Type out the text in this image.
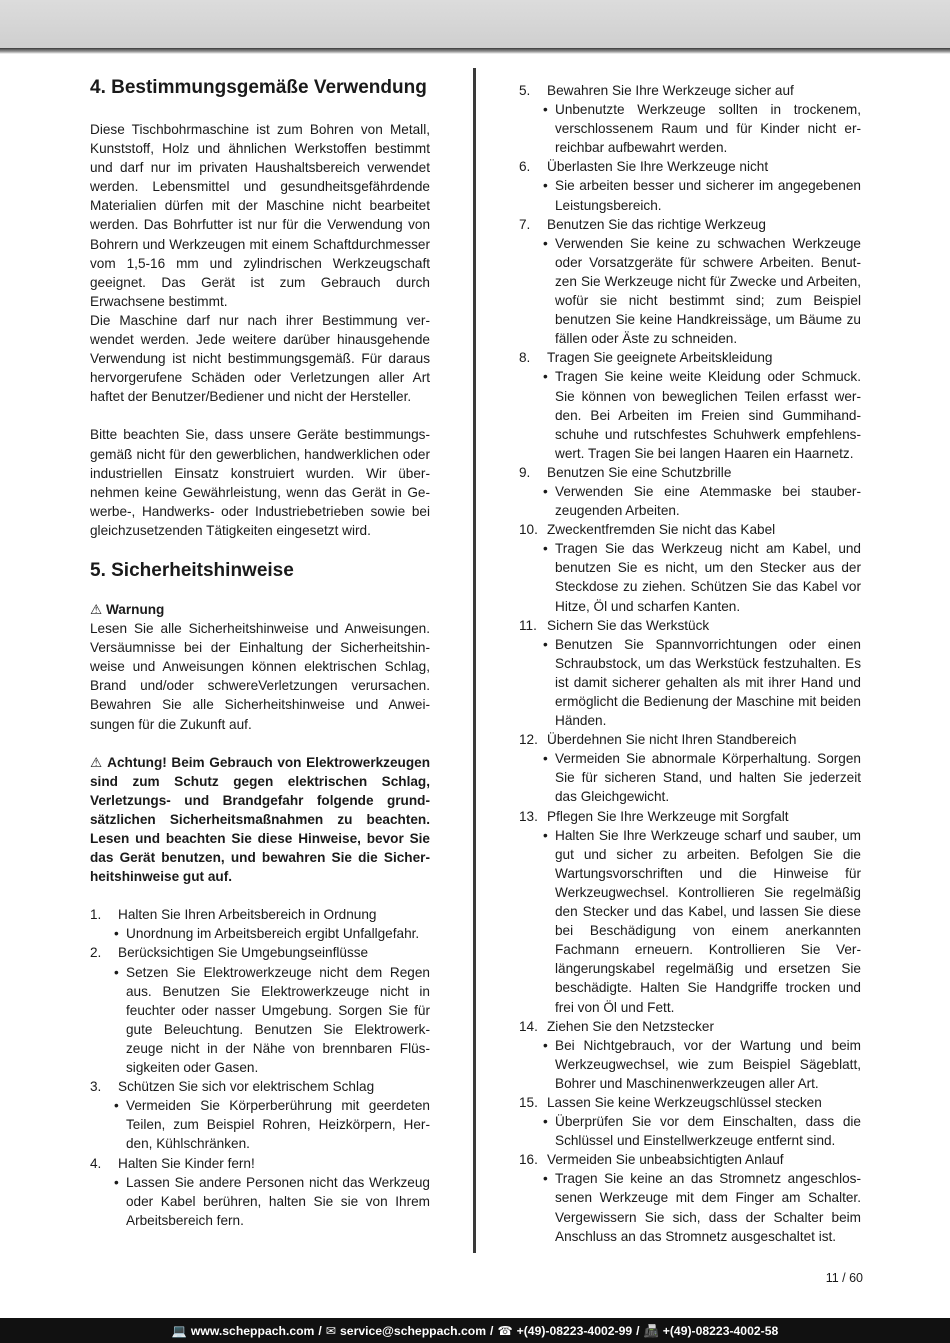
4. Bestimmungsgemäße Verwendung

Diese Tischbohrmaschine ist zum Bohren von Metall, Kunststoff, Holz und ähnlichen Werkstoffen bestimmt und darf nur im privaten Haushaltsbereich verwendet werden. Lebensmittel und gesundheitsgefährdende Materialien dürfen mit der Maschine nicht bearbeitet werden. Das Bohrfutter ist nur für die Verwendung von Bohrern und Werkzeugen mit einem Schaftdurchmesser vom 1,5-16 mm und zylindrischen Werkzeugschaft geeignet. Das Gerät ist zum Gebrauch durch Erwachsene bestimmt.

Die Maschine darf nur nach ihrer Bestimmung verwendet werden. Jede weitere darüber hinausgehende Verwendung ist nicht bestimmungsgemäß. Für daraus hervorgerufene Schäden oder Verletzungen aller Art haftet der Benutzer/Bediener und nicht der Hersteller.

Bitte beachten Sie, dass unsere Geräte bestimmungsgemäß nicht für den gewerblichen, handwerklichen oder industriellen Einsatz konstruiert wurden. Wir übernehmen keine Gewährleistung, wenn das Gerät in Gewerbe-, Handwerks- oder Industriebetrieben sowie bei gleichzusetzenden Tätigkeiten eingesetzt wird.

5. Sicherheitshinweise
⚠ Warnung

Lesen Sie alle Sicherheitshinweise und Anweisungen. Versäumnisse bei der Einhaltung der Sicherheitshinweise und Anweisungen können elektrischen Schlag, Brand und/oder schwereVerletzungen verursachen. Bewahren Sie alle Sicherheitshinweise und Anweisungen für die Zukunft auf.

⚠ Achtung! Beim Gebrauch von Elektrowerkzeugen sind zum Schutz gegen elektrischen Schlag, Verletzungs- und Brandgefahr folgende grundsätzlichen Sicherheitsmaßnahmen zu beachten. Lesen und beachten Sie diese Hinweise, bevor Sie das Gerät benutzen, und bewahren Sie die Sicherheitshinweise gut auf.

1.	Halten Sie Ihren Arbeitsbereich in Ordnung
• Unordnung im Arbeitsbereich ergibt Unfallgefahr.
2.	Berücksichtigen Sie Umgebungseinflüsse
• Setzen Sie Elektrowerkzeuge nicht dem Regen aus. Benutzen Sie Elektrowerkzeuge nicht in feuchter oder nasser Umgebung. Sorgen Sie für gute Beleuchtung. Benutzen Sie Elektrowerkzeuge nicht in der Nähe von brennbaren Flüssigkeiten oder Gasen.
3.	Schützen Sie sich vor elektrischem Schlag
• Vermeiden Sie Körperberührung mit geerdeten Teilen, zum Beispiel Rohren, Heizkörpern, Herden, Kühlschränken.
4.	Halten Sie Kinder fern!
• Lassen Sie andere Personen nicht das Werkzeug oder Kabel berühren, halten Sie sie von Ihrem Arbeitsbereich fern.
5.	Bewahren Sie Ihre Werkzeuge sicher auf
• Unbenutzte Werkzeuge sollten in trockenem, verschlossenem Raum und für Kinder nicht erreichbar aufbewahrt werden.
6.	Überlasten Sie Ihre Werkzeuge nicht
• Sie arbeiten besser und sicherer im angegebenen Leistungsbereich.
7.	Benutzen Sie das richtige Werkzeug
• Verwenden Sie keine zu schwachen Werkzeuge oder Vorsatzgeräte für schwere Arbeiten. Benutzen Sie Werkzeuge nicht für Zwecke und Arbeiten, wofür sie nicht bestimmt sind; zum Beispiel benutzen Sie keine Handkreissäge, um Bäume zu fällen oder Äste zu schneiden.
8.	Tragen Sie geeignete Arbeitskleidung
• Tragen Sie keine weite Kleidung oder Schmuck. Sie können von beweglichen Teilen erfasst werden. Bei Arbeiten im Freien sind Gummihandschuhe und rutschfestes Schuhwerk empfehlenswert. Tragen Sie bei langen Haaren ein Haarnetz.
9.	Benutzen Sie eine Schutzbrille
• Verwenden Sie eine Atemmaske bei stauberzeugenden Arbeiten.
10. Zweckentfremden Sie nicht das Kabel
• Tragen Sie das Werkzeug nicht am Kabel, und benutzen Sie es nicht, um den Stecker aus der Steckdose zu ziehen. Schützen Sie das Kabel vor Hitze, Öl und scharfen Kanten.
11. Sichern Sie das Werkstück
• Benutzen Sie Spannvorrichtungen oder einen Schraubstock, um das Werkstück festzuhalten. Es ist damit sicherer gehalten als mit ihrer Hand und ermöglicht die Bedienung der Maschine mit beiden Händen.
12. Überdehnen Sie nicht Ihren Standbereich
• Vermeiden Sie abnormale Körperhaltung. Sorgen Sie für sicheren Stand, und halten Sie jederzeit das Gleichgewicht.
13. Pflegen Sie Ihre Werkzeuge mit Sorgfalt
• Halten Sie Ihre Werkzeuge scharf und sauber, um gut und sicher zu arbeiten. Befolgen Sie die Wartungsvorschriften und die Hinweise für Werkzeugwechsel. Kontrollieren Sie regelmäßig den Stecker und das Kabel, und lassen Sie diese bei Beschädigung von einem anerkannten Fachmann erneuern. Kontrollieren Sie Verlängerungskabel regelmäßig und ersetzen Sie beschädigte. Halten Sie Handgriffe trocken und frei von Öl und Fett.
14. Ziehen Sie den Netzstecker
• Bei Nichtgebrauch, vor der Wartung und beim Werkzeugwechsel, wie zum Beispiel Sägeblatt, Bohrer und Maschinenwerkzeugen aller Art.
15. Lassen Sie keine Werkzeugschlüssel stecken
• Überprüfen Sie vor dem Einschalten, dass die Schlüssel und Einstellwerkzeuge entfernt sind.
16. Vermeiden Sie unbeabsichtigten Anlauf
• Tragen Sie keine an das Stromnetz angeschlossenen Werkzeuge mit dem Finger am Schalter. Vergewissern Sie sich, dass der Schalter beim Anschluss an das Stromnetz ausgeschaltet ist.
11 / 60
💻 www.scheppach.com / ✉ service@scheppach.com / ☎ +(49)-08223-4002-99 / 📠 +(49)-08223-4002-58
